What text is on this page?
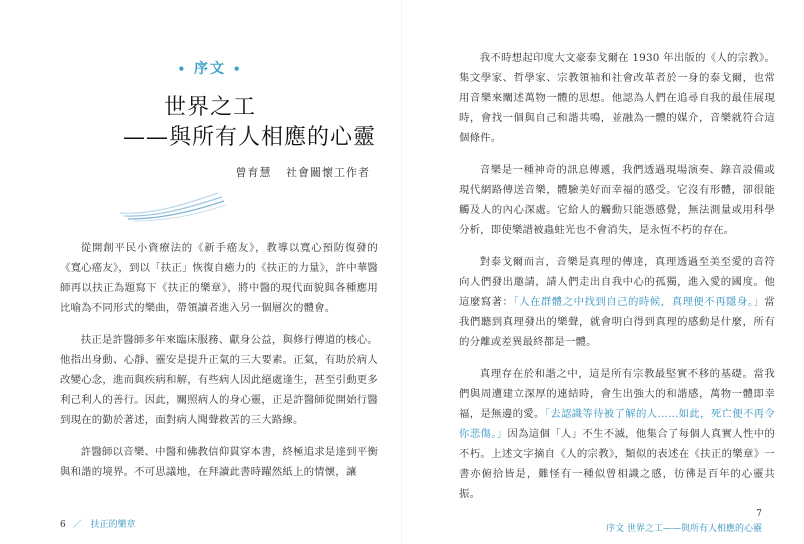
• 序文 •
世界之工
——與所有人相應的心靈
曾育慧 社會關懷工作者

從開創平民小資療法的《新手癌友》，教導以寬心預防復發的《寬心癌友》，到以「扶正」恢復自癒力的《扶正的力量》，許中華醫師再以扶正為題寫下《扶正的樂章》，將中醫的現代面貌與各種應用比喻為不同形式的樂曲，帶領讀者進入另一個層次的體會。

扶正是許醫師多年來臨床服務、獻身公益，與修行傳道的核心。他指出身動、心靜、靈安是提升正氣的三大要素。正氣，有助於病人改變心念，進而與疾病和解，有些病人因此絕處逢生，甚至引動更多利己利人的善行。因此，關照病人的身心靈，正是許醫師從開始行醫到現在的勤於著述，面對病人聞聲救苦的三大路線。

許醫師以音樂、中醫和佛教信仰貫穿本書，終極追求是達到平衡與和諧的境界。不可思議地，在拜讀此書時躍然紙上的情懷，讓

6 ／ 扶正的樂章

我不時想起印度大文豪泰戈爾在 1930 年出版的《人的宗教》。集文學家、哲學家、宗教領袖和社會改革者於一身的泰戈爾，也常用音樂來闡述萬物一體的思想。他認為人們在追尋自我的最佳展現時，會找一個與自己和諧共鳴，並融為一體的媒介，音樂就符合這個條件。

音樂是一種神奇的訊息傳遞，我們透過現場演奏、錄音設備或現代網路傳送音樂，體驗美好而幸福的感受。它沒有形體，卻很能觸及人的內心深處。它給人的觸動只能憑感覺，無法測量或用科學分析，即使樂譜被蟲蛀光也不會消失，是永恆不朽的存在。

對泰戈爾而言，音樂是真理的傳達，真理透過至美至愛的音符向人們發出邀請，請人們走出自我中心的孤獨，進入愛的國度。他這麼寫著：「人在群體之中找到自己的時候，真理便不再隱身。」當我們聽到真理發出的樂聲，就會明白得到真理的感動是什麼，所有的分離或差異最終都是一體。

真理存在於和諧之中，這是所有宗教最堅實不移的基礎。當我們與周遭建立深厚的連結時，會生出強大的和諧感，萬物一體即幸福，是無邊的愛。「去認識等待被了解的人……如此，死亡便不再令你悲傷。」因為這個「人」不生不滅，他集合了每個人真實人性中的不朽。上述文字摘自《人的宗教》，類似的表述在《扶正的樂章》一書亦俯拾皆是，難怪有一種似曾相識之感，彷彿是百年的心靈共振。

7
序文 世界之工——與所有人相應的心靈
